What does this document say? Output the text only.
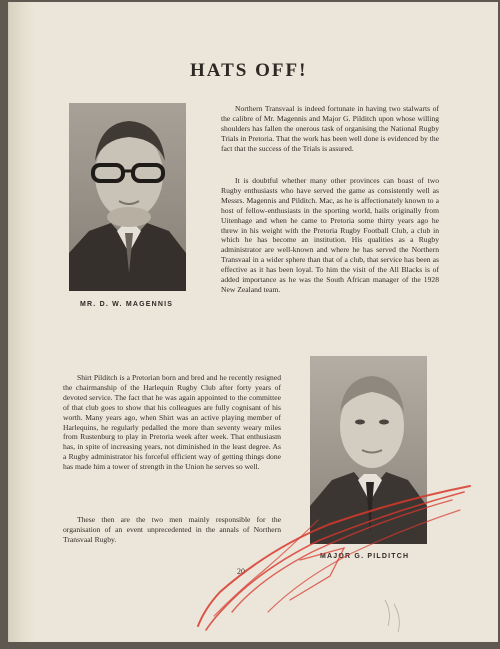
HATS OFF!
MR. D. W. MAGENNIS

Northern Transvaal is indeed fortunate in having two stalwarts of the calibre of Mr. Magennis and Major G. Pilditch upon whose willing shoulders has fallen the onerous task of organising the National Rugby Trials in Pretoria. That the work has been well done is evidenced by the fact that the success of the Trials is assured.

It is doubtful whether many other provinces can boast of two Rugby enthusiasts who have served the game as consistently well as Messrs. Magennis and Pilditch. Mac, as he is affectionately known to a host of fellow-enthusiasts in the sporting world, hails originally from Uitenhage and when he came to Pretoria some thirty years ago he threw in his weight with the Pretoria Rugby Football Club, a club in which he has become an institution. His qualities as a Rugby administrator are well-known and where he has served the Northern Transvaal in a wider sphere than that of a club, that service has been as effective as it has been loyal. To him the visit of the All Blacks is of added importance as he was the South African manager of the 1928 New Zealand team.

Shirt Pilditch is a Pretorian born and bred and he recently resigned the chairmanship of the Harlequin Rugby Club after forty years of devoted service. The fact that he was again appointed to the committee of that club goes to show that his colleagues are fully cognisant of his worth. Many years ago, when Shirt was an active playing member of Harlequins, he regularly pedalled the more than seventy weary miles from Rustenburg to play in Pretoria week after week. That enthusiasm has, in spite of increasing years, not diminished in the least degree. As a Rugby administrator his forceful efficient way of getting things done has made him a tower of strength in the Union he serves so well.

These then are the two men mainly responsible for the organisation of an event unprecedented in the annals of Northern Transvaal Rugby.

MAJOR G. PILDITCH
20
